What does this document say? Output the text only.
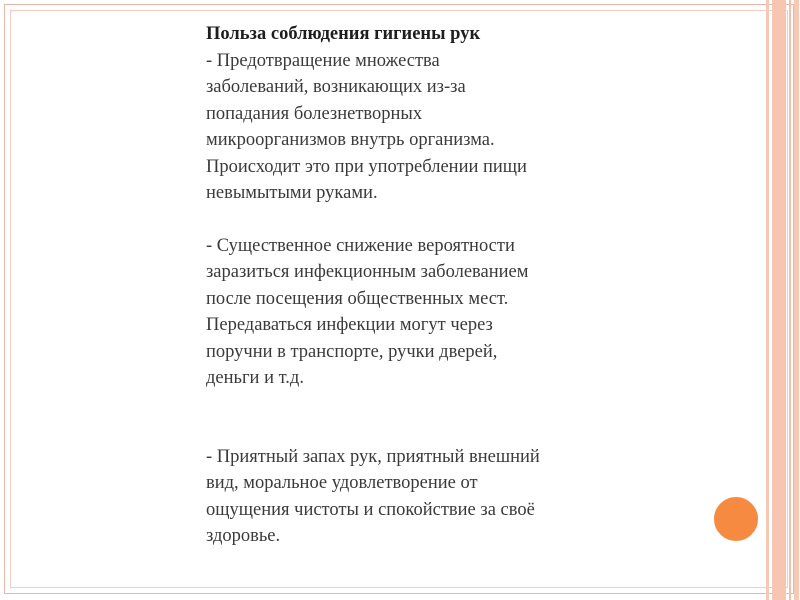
Польза соблюдения гигиены рук

- Предотвращение множества
заболеваний, возникающих из-за
попадания болезнетворных
микроорганизмов внутрь организма.
Происходит это при употреблении пищи
невымытыми руками.

- Существенное снижение вероятности
заразиться инфекционным заболеванием
после посещения общественных мест.
Передаваться инфекции могут через
поручни в транспорте, ручки дверей,
деньги и т.д.

- Приятный запах рук, приятный внешний
вид, моральное удовлетворение от
ощущения чистоты и спокойствие за своё
здоровье.
